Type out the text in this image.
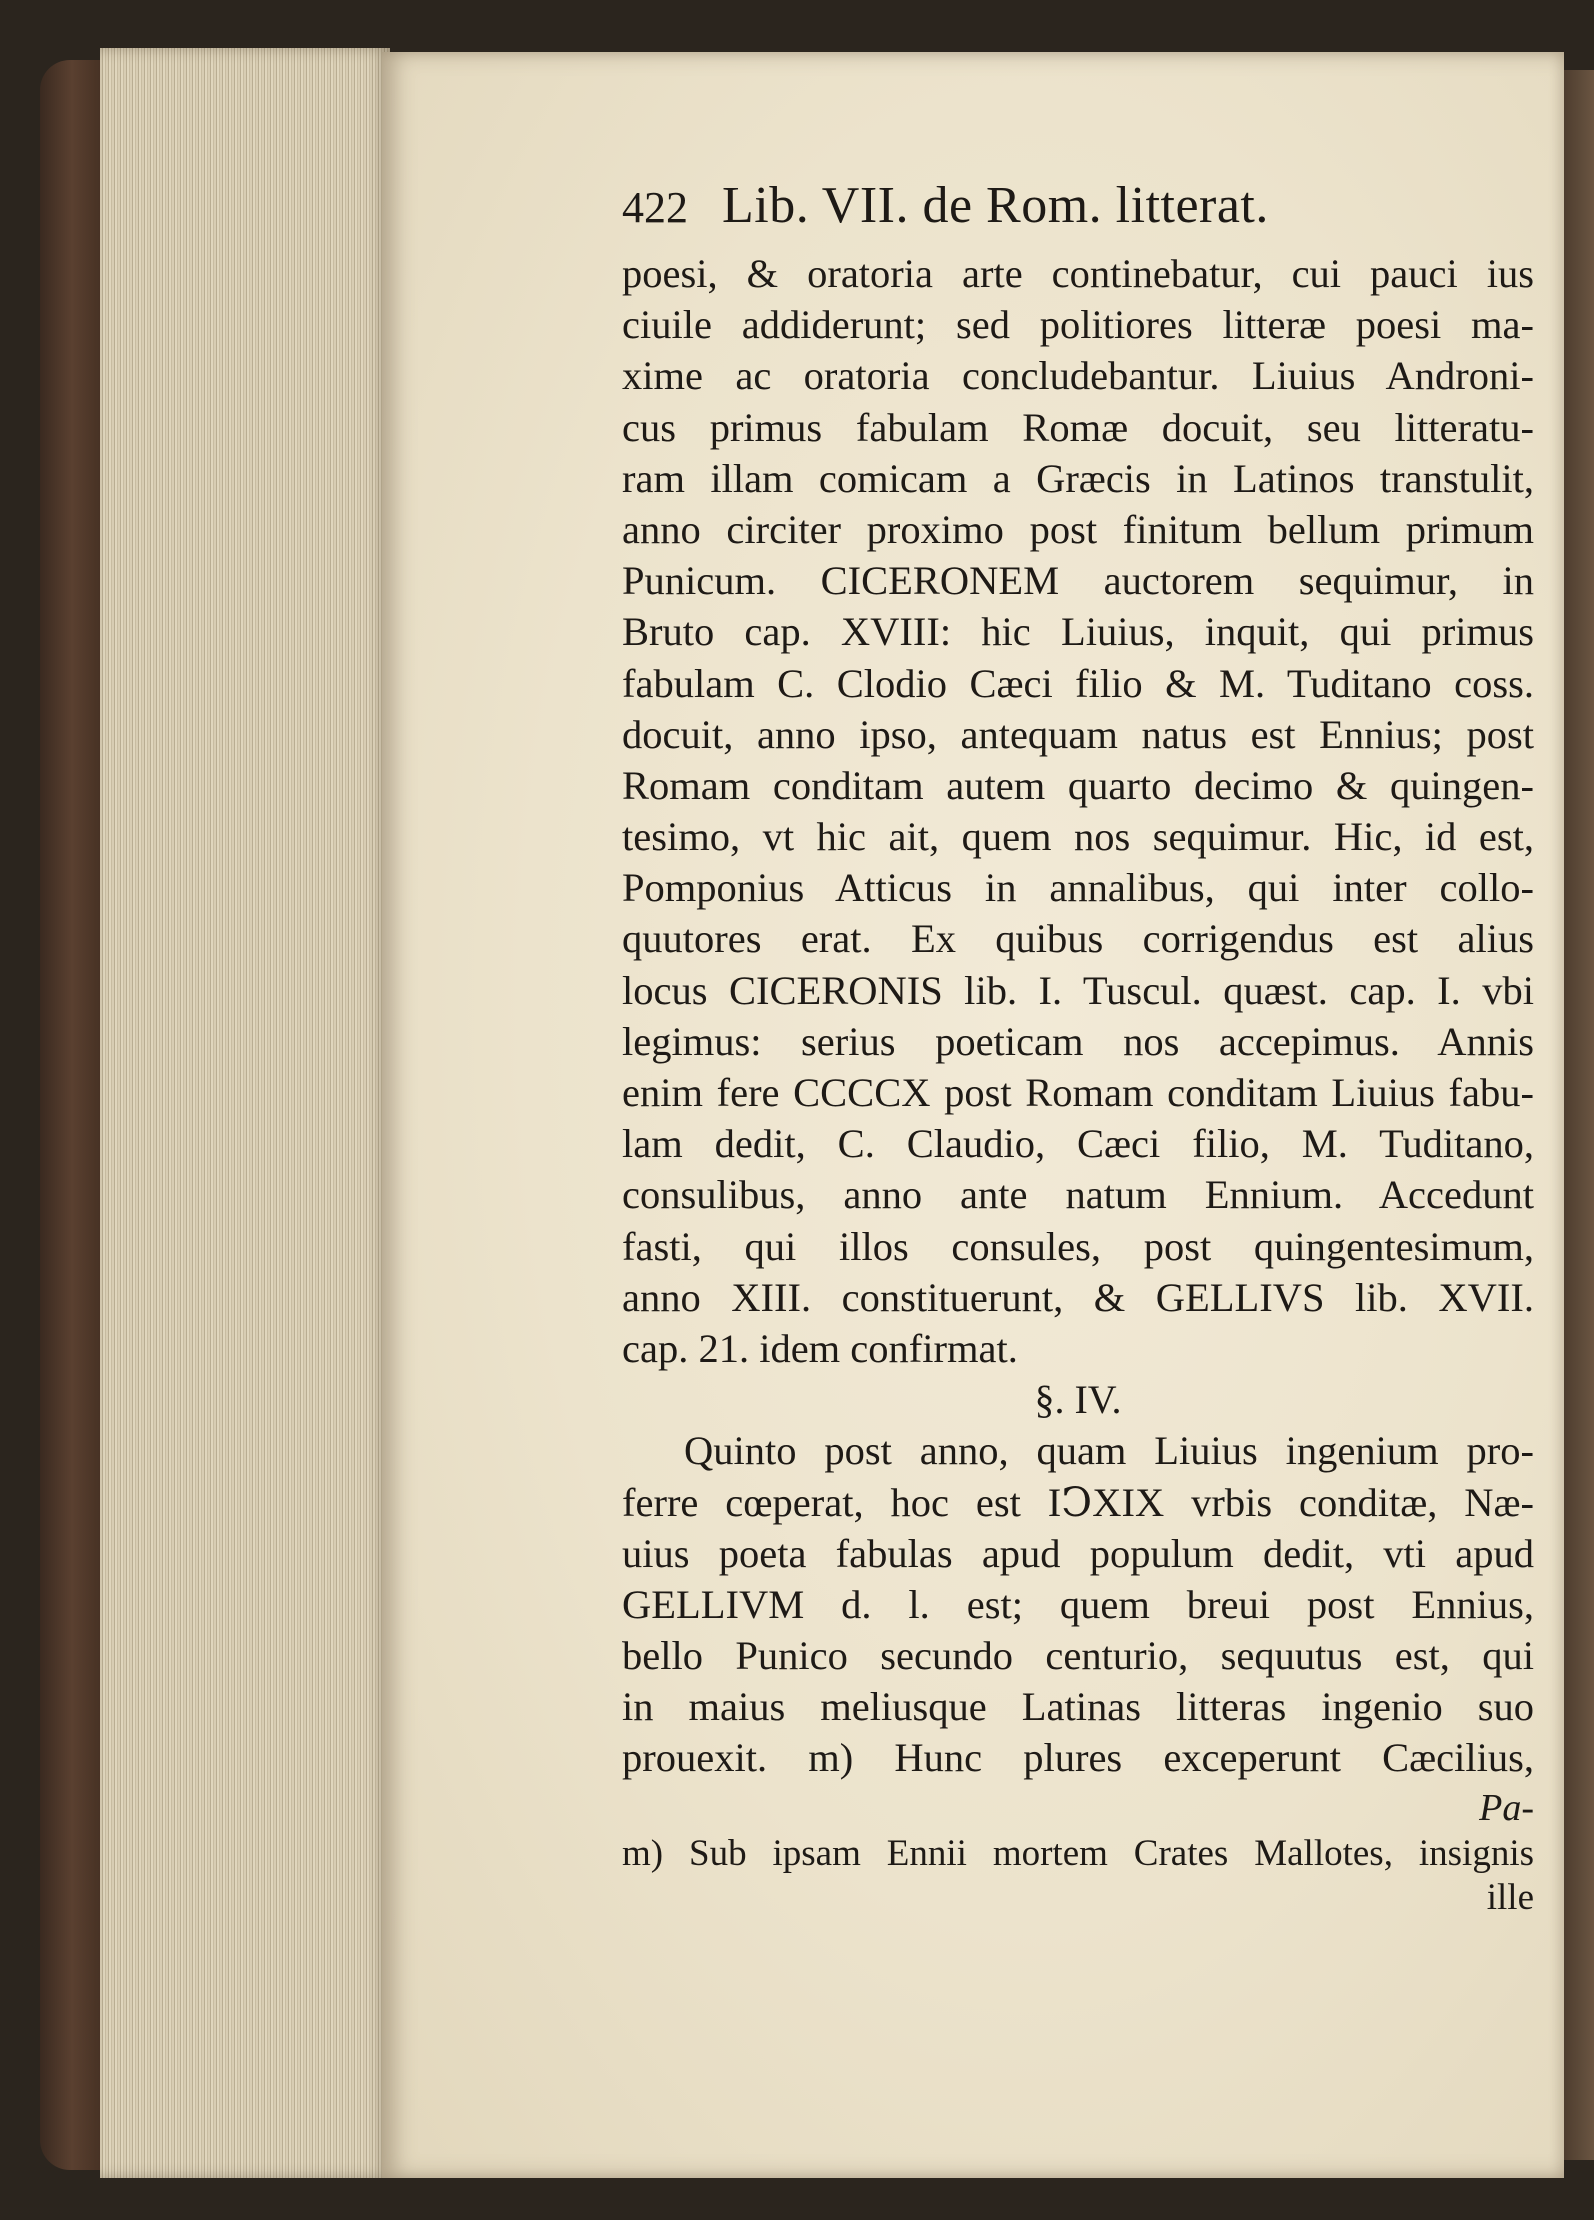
422 Lib. VII. de Rom. litterat.
poesi, & oratoria arte continebatur, cui pauci ius
ciuile addiderunt; sed politiores litteræ poesi ma-
xime ac oratoria concludebantur. Liuius Androni-
cus primus fabulam Romæ docuit, seu litteratu-
ram illam comicam a Græcis in Latinos transtulit,
anno circiter proximo post finitum bellum primum
Punicum. CICERONEM auctorem sequimur, in
Bruto cap. XVIII: hic Liuius, inquit, qui primus
fabulam C. Clodio Cæci filio & M. Tuditano coss.
docuit, anno ipso, antequam natus est Ennius; post
Romam conditam autem quarto decimo & quingen-
tesimo, vt hic ait, quem nos sequimur. Hic, id est,
Pomponius Atticus in annalibus, qui inter collo-
quutores erat. Ex quibus corrigendus est alius
locus CICERONIS lib. I. Tuscul. quæst. cap. I. vbi
legimus: serius poeticam nos accepimus. Annis
enim fere CCCCX post Romam conditam Liuius fabu-
lam dedit, C. Claudio, Cæci filio, M. Tuditano,
consulibus, anno ante natum Ennium. Accedunt
fasti, qui illos consules, post quingentesimum,
anno XIII. constituerunt, & GELLIVS lib. XVII.
cap. 21. idem confirmat.
§. IV.
Quinto post anno, quam Liuius ingenium pro-
ferre cœperat, hoc est IↃXIX vrbis conditæ, Næ-
uius poeta fabulas apud populum dedit, vti apud
GELLIVM d. l. est; quem breui post Ennius,
bello Punico secundo centurio, sequutus est, qui
in maius meliusque Latinas litteras ingenio suo
prouexit. m) Hunc plures exceperunt Cæcilius,
Pa-
m) Sub ipsam Ennii mortem Crates Mallotes, insignis
ille
